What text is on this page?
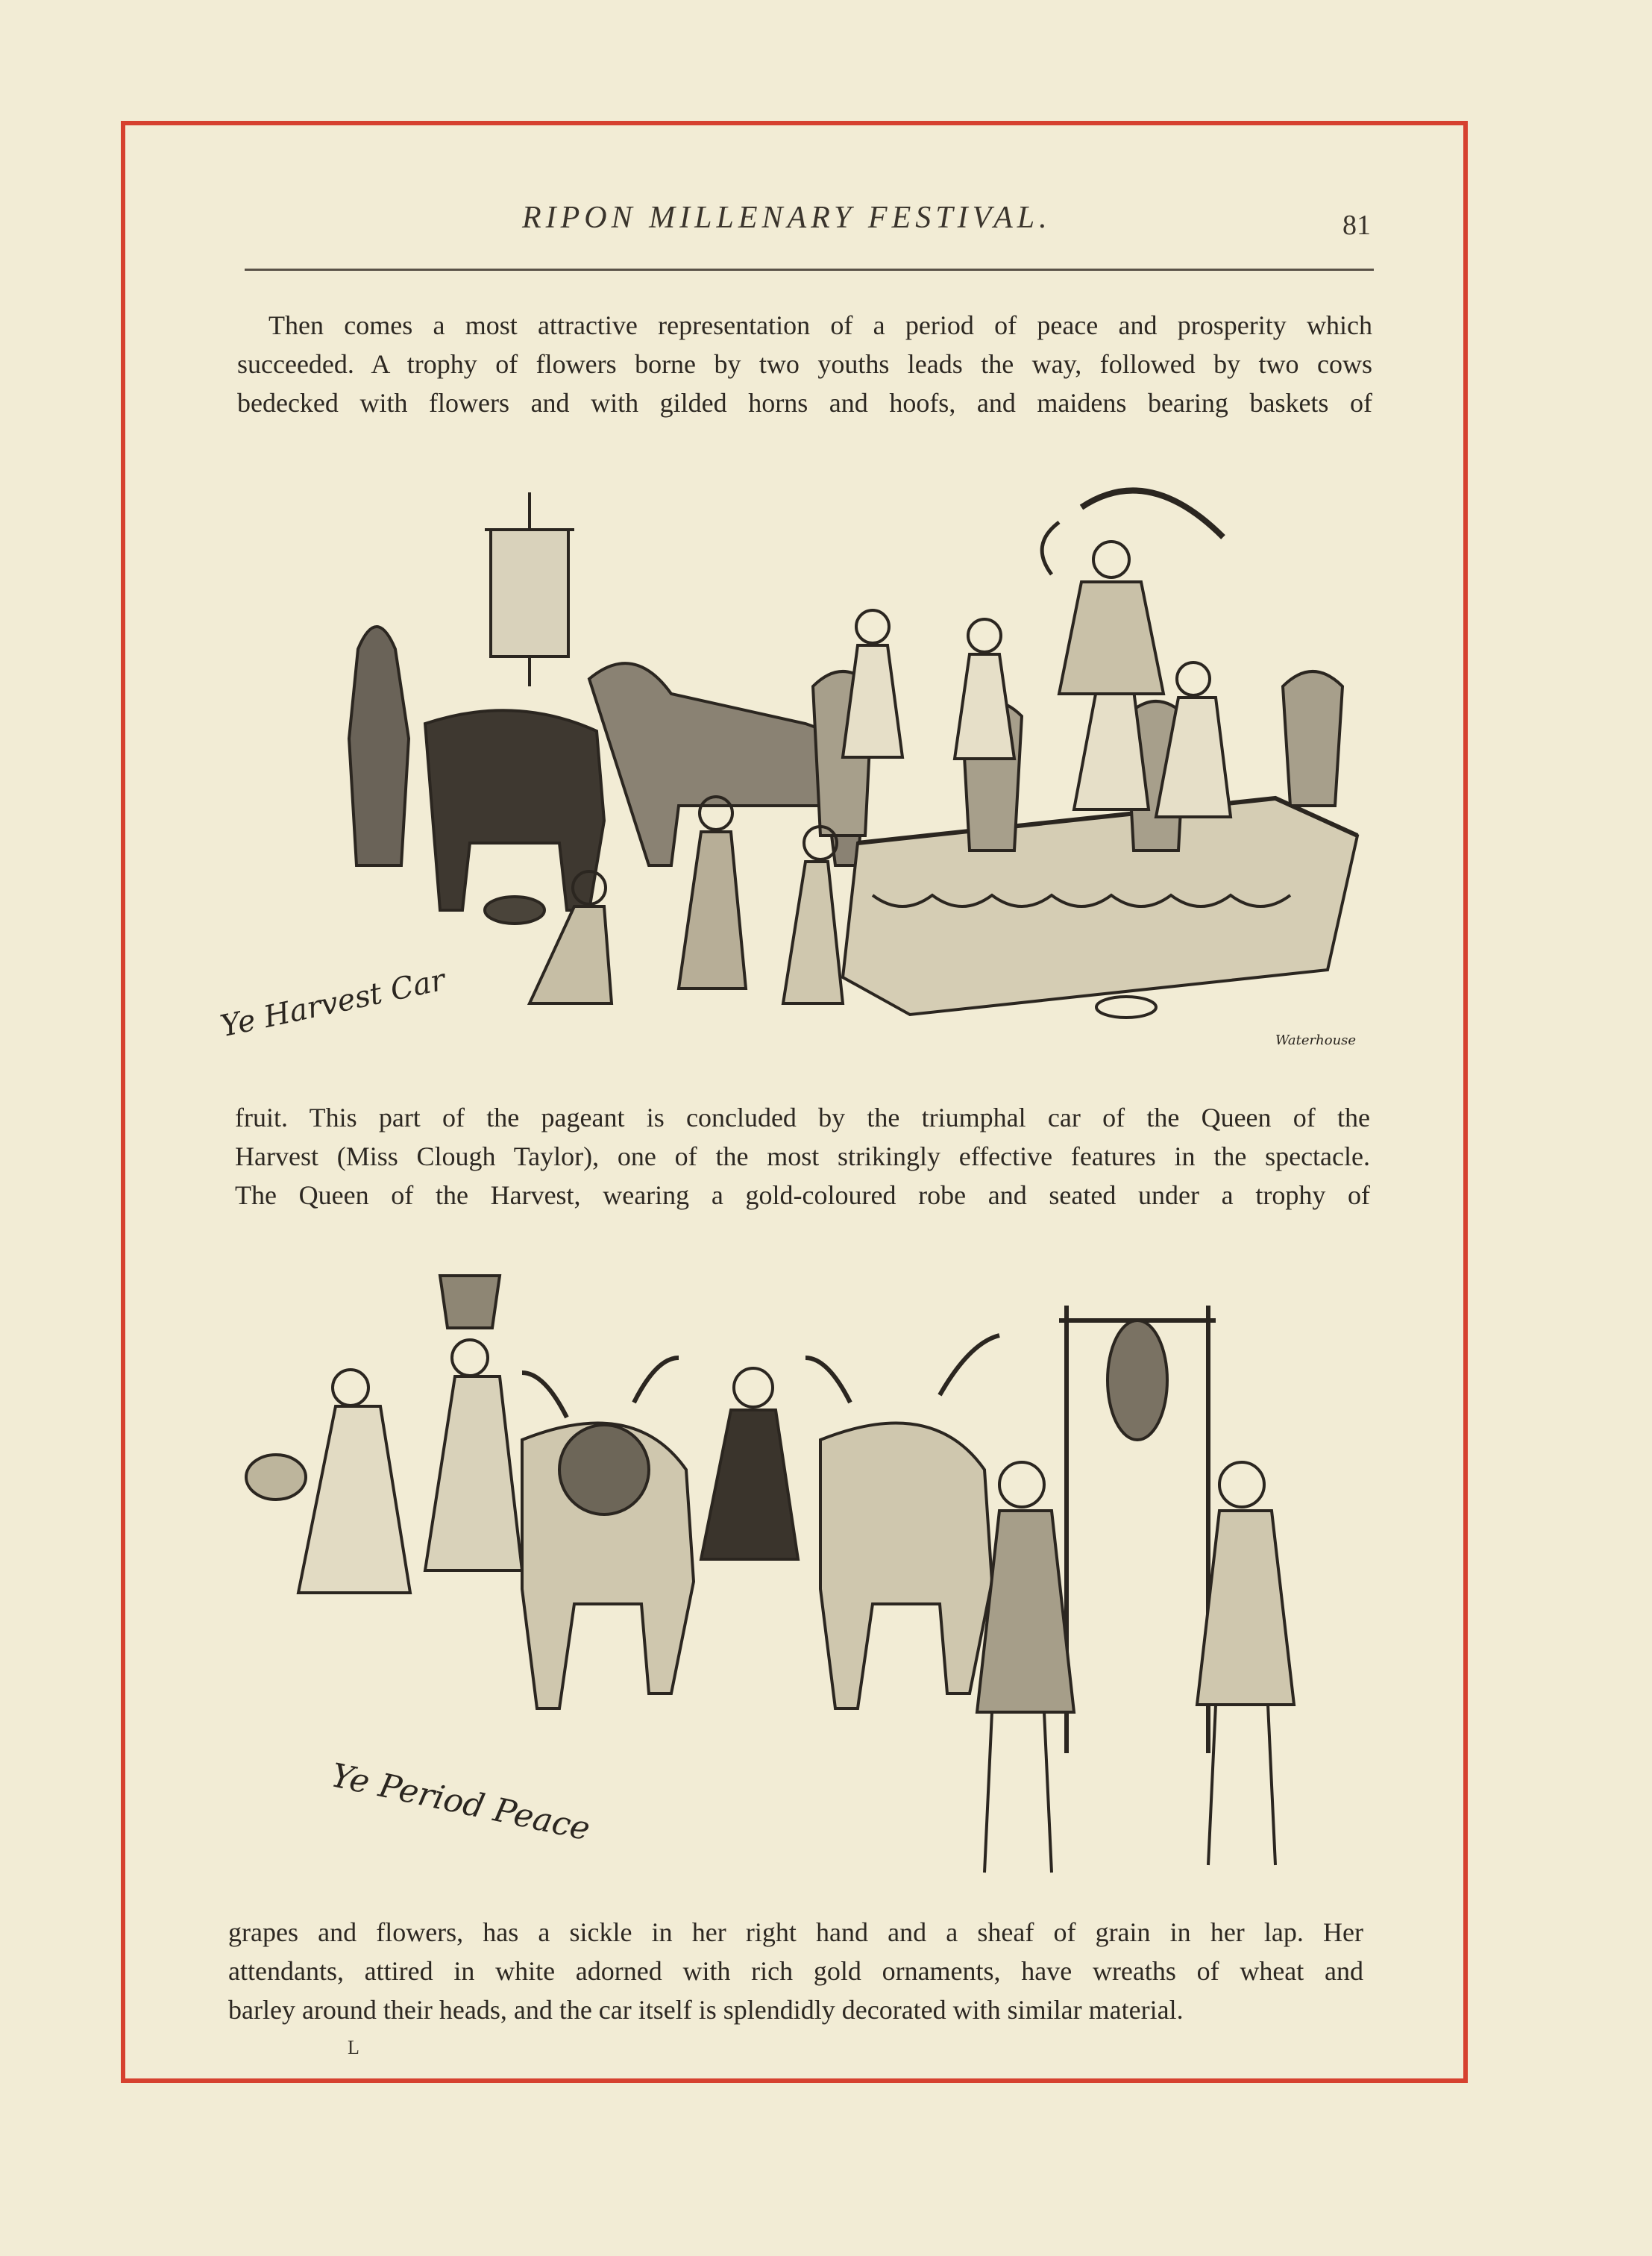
RIPON MILLENARY FESTIVAL.	81
Then comes a most attractive representation of a period of peace and prosperity which
succeeded. A trophy of flowers borne by two youths leads the way, followed by two cows
bedecked with flowers and with gilded horns and hoofs, and maidens bearing baskets of
Ye Harvest Car	Waterhouse
fruit. This part of the pageant is concluded by the triumphal car of the Queen of the
Harvest (Miss Clough Taylor), one of the most strikingly effective features in the spectacle.
The Queen of the Harvest, wearing a gold-coloured robe and seated under a trophy of
Ye Period Peace
grapes and flowers, has a sickle in her right hand and a sheaf of grain in her lap. Her
attendants, attired in white adorned with rich gold ornaments, have wreaths of wheat and
barley around their heads, and the car itself is splendidly decorated with similar material.
L
